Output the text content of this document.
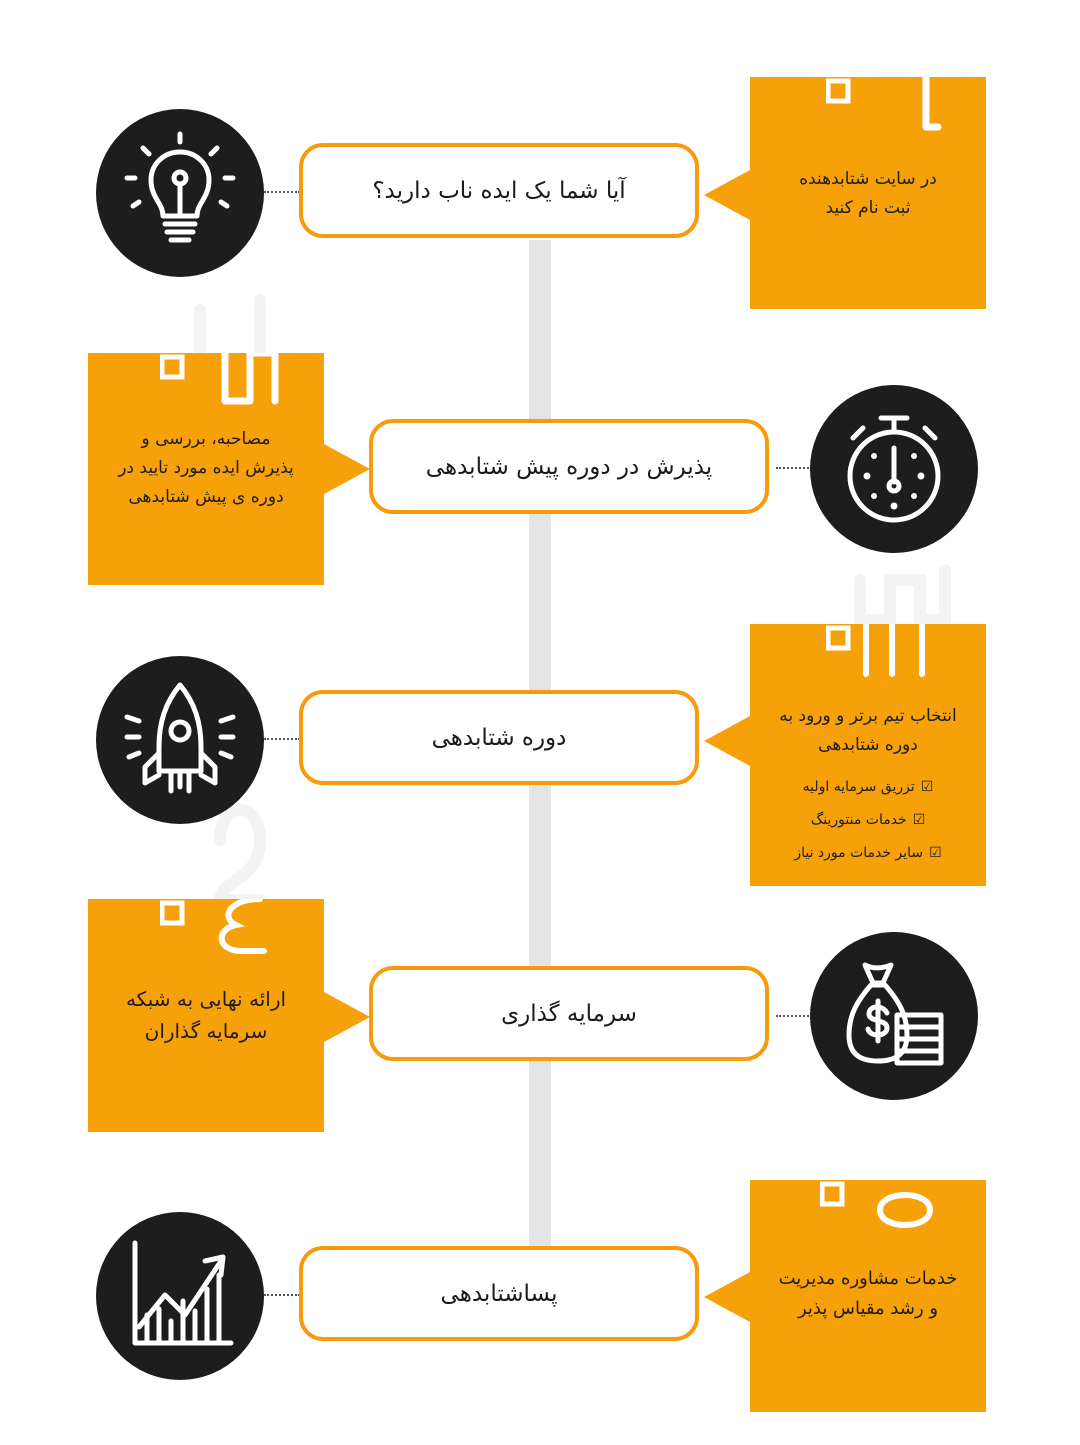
آیا شما یک ایده ناب دارید؟	در سایت شتابدهنده
ثبت نام کنید
مصاحبه، بررسی و
پذیرش ایده مورد تایید در
دوره ی پیش شتابدهی
پذیرش در دوره پیش شتابدهی
دوره شتابدهی
انتخاب تیم برتر و ورود به
دوره شتابدهی
☑
تزریق سرمایه اولیه
☑
خدمات منتورینگ
☑
سایر خدمات مورد نیاز
ارائه نهایی به شبکه
سرمایه گذاران
سرمایه گذاری
پساشتابدهی
خدمات مشاوره مدیریت
و رشد مقیاس پذیر
